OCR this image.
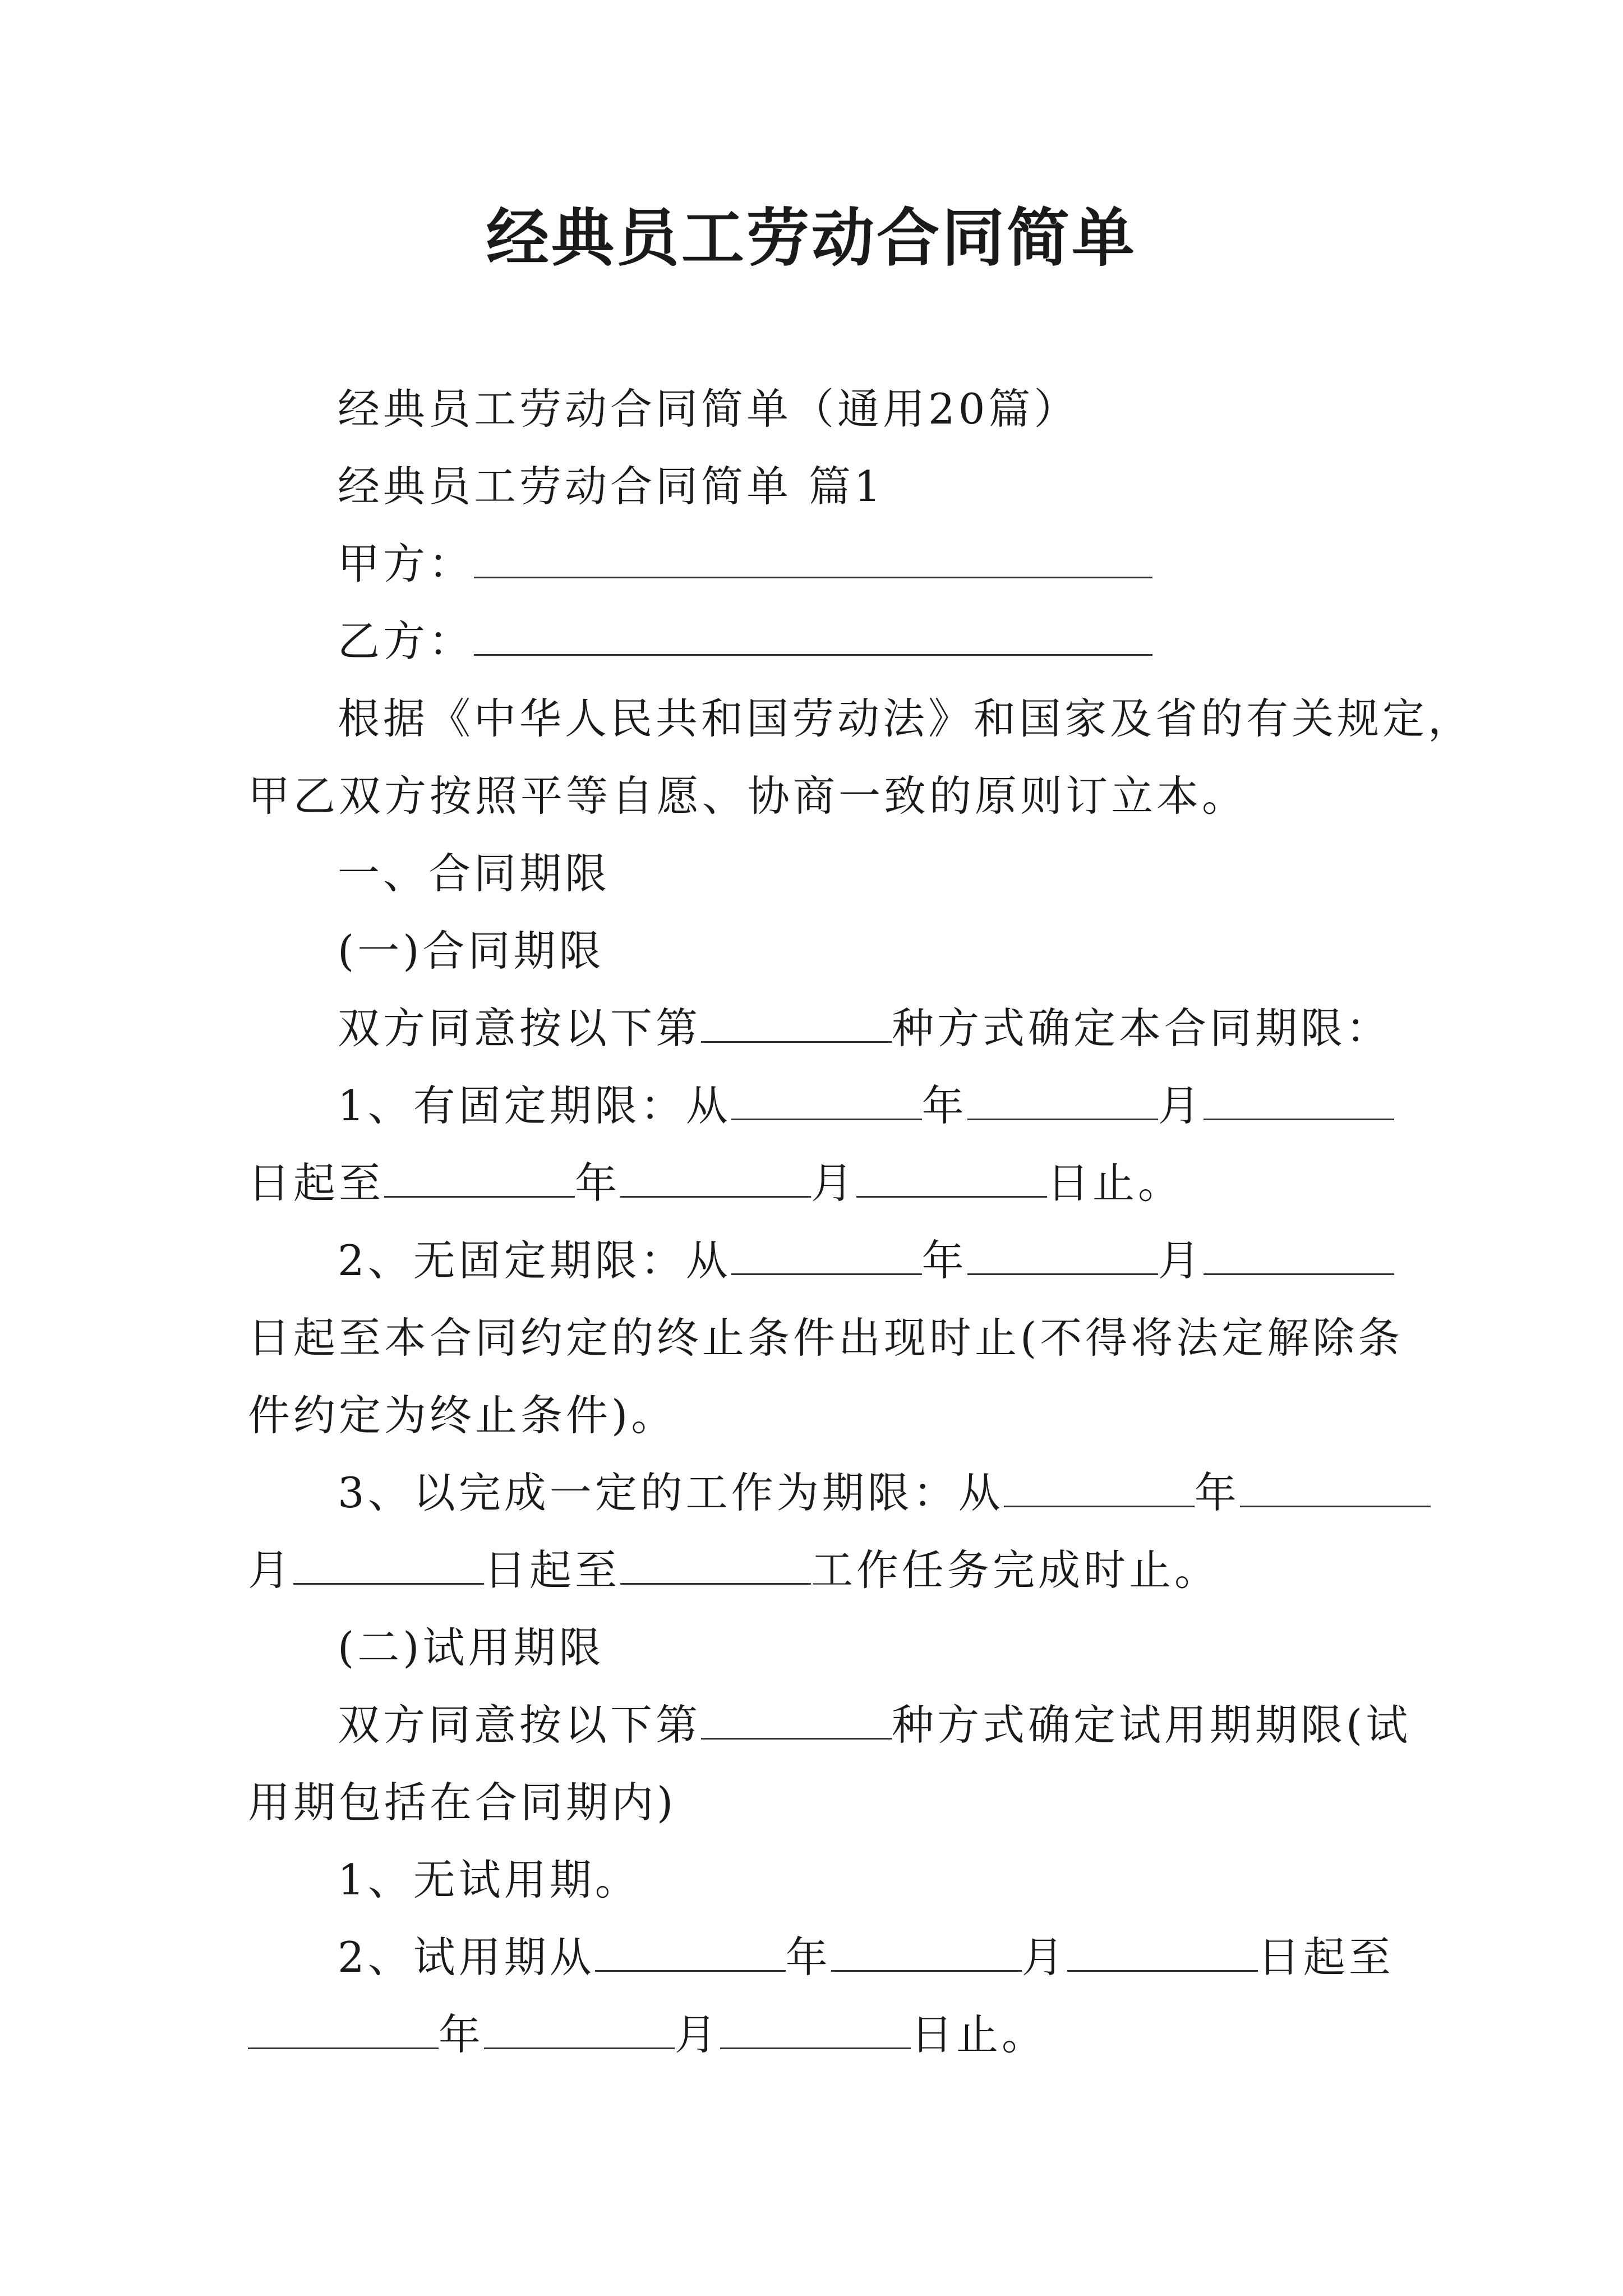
经典员工劳动合同简单

经典员工劳动合同简单（通用20篇）

经典员工劳动合同简单 篇1

甲方：

乙方：

根据《中华人民共和国劳动法》和国家及省的有关规定，

甲乙双方按照平等自愿、协商一致的原则订立本。

一、合同期限

(一)合同期限

双方同意按以下第	种方式确定本合同期限：

1、有固定期限：从	年	月

日起至	年	月	日止。

2、无固定期限：从	年	月

日起至本合同约定的终止条件出现时止(不得将法定解除条

件约定为终止条件)。

3、以完成一定的工作为期限：从	年

月	日起至	工作任务完成时止。

(二)试用期限

双方同意按以下第	种方式确定试用期期限(试

用期包括在合同期内)

1、无试用期。

2、试用期从	年	月	日起至

年	月	日止。
